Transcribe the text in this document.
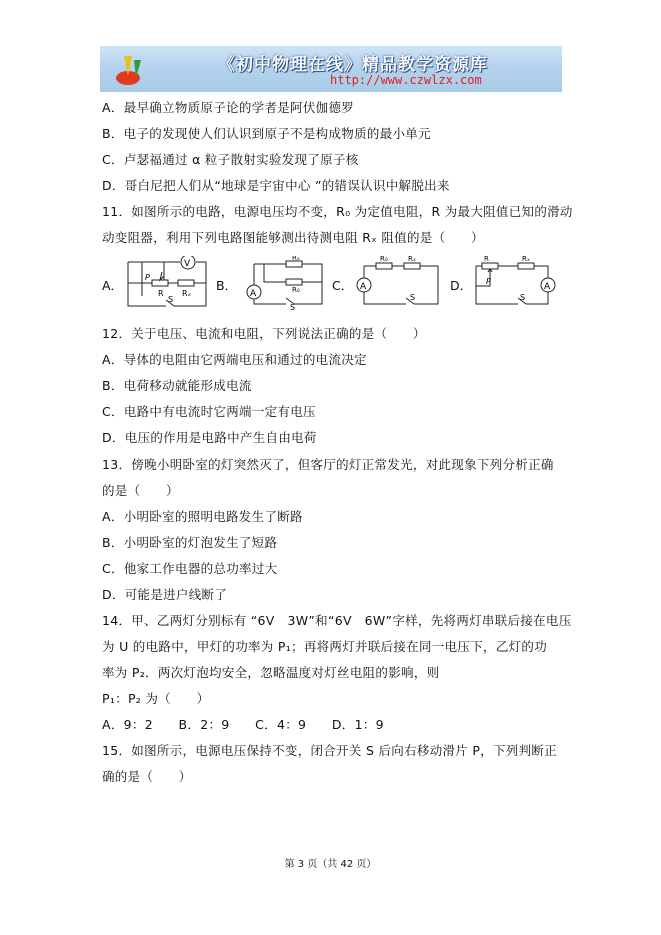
《初中物理在线》精品教学资源库
http://www.czwlzx.com
A．最早确立物质原子论的学者是阿伏伽德罗
B．电子的发现使人们认识到原子不是构成物质的最小单元
C．卢瑟福通过 α 粒子散射实验发现了原子核
D．哥白尼把人们从“地球是宇宙中心 ”的错误认识中解脱出来
11．如图所示的电路，电源电压均不变，R₀ 为定值电阻，R 为最大阻值已知的滑动
动变阻器，利用下列电路图能够测出待测电阻 Rₓ 阻值的是（　　）
A．
V
P
R Rₓ
S
B．
A
Rₓ
R₀
S
C． A
R₀	Rₓ
S
D．	A
P
R	Rₓ
S
12．关于电压、电流和电阻，下列说法正确的是（　　）
A．导体的电阻由它两端电压和通过的电流决定
B．电荷移动就能形成电流
C．电路中有电流时它两端一定有电压
D．电压的作用是电路中产生自由电荷
13．傍晚小明卧室的灯突然灭了，但客厅的灯正常发光，对此现象下列分析正确
的是（　　）
A．小明卧室的照明电路发生了断路
B．小明卧室的灯泡发生了短路
C．他家工作电器的总功率过大
D．可能是进户线断了
14．甲、乙两灯分别标有 “6V　3W”和“6V　6W”字样，先将两灯串联后接在电压
为 U 的电路中，甲灯的功率为 P₁；再将两灯并联后接在同一电压下，乙灯的功
率为 P₂．两次灯泡均安全，忽略温度对灯丝电阻的影响，则
P₁：P₂ 为（　　）
A．9：2　　B．2：9　　C．4：9　　D．1：9
15．如图所示，电源电压保持不变，闭合开关 S 后向右移动滑片 P，下列判断正
确的是（　　）
第 3 页（共 42 页）
